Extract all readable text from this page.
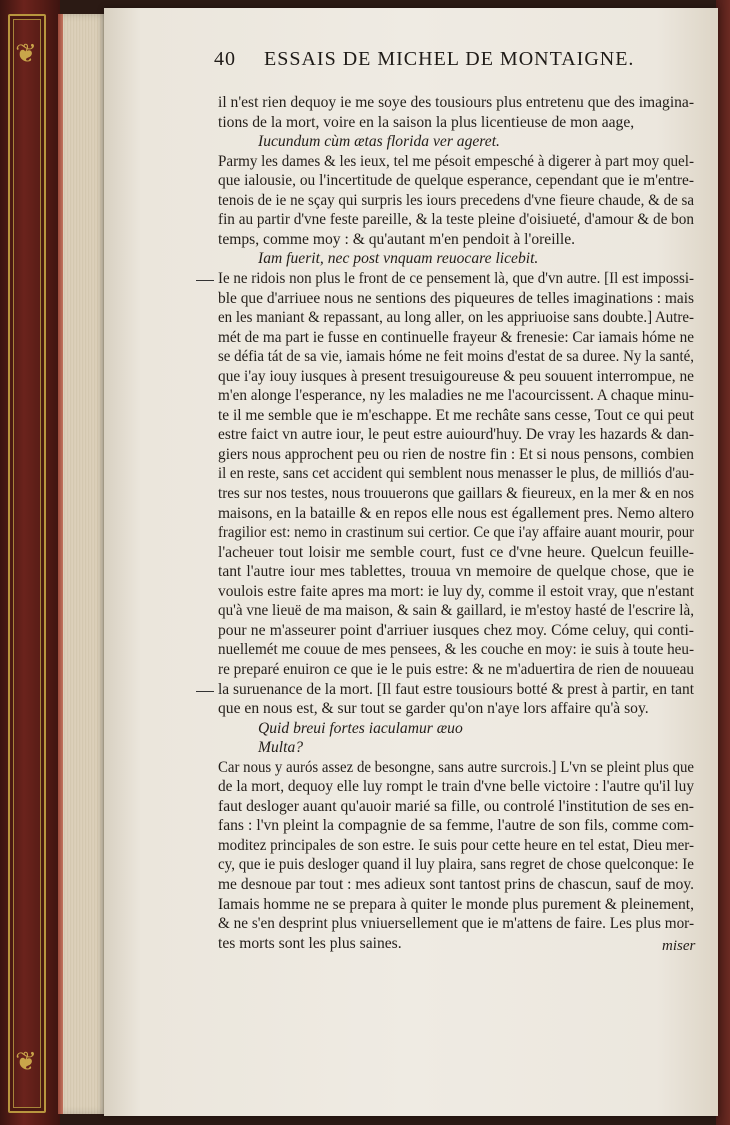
❦
❦
40 ESSAIS DE MICHEL DE MONTAIGNE.
il n'est rien dequoy ie me soye des tousiours plus entretenu que des imagina-
tions de la mort, voire en la saison la plus licentieuse de mon aage,
Iucundum cùm ætas florida ver ageret.
Parmy les dames & les ieux, tel me pésoit empesché à digerer à part moy quel-
que ialousie, ou l'incertitude de quelque esperance, cependant que ie m'entre-
tenois de ie ne sçay qui surpris les iours precedens d'vne fieure chaude, & de sa
fin au partir d'vne feste pareille, & la teste pleine d'oisiueté, d'amour & de bon
temps, comme moy : & qu'autant m'en pendoit à l'oreille.
Iam fuerit, nec post vnquam reuocare licebit.
Ie ne ridois non plus le front de ce pensement là, que d'vn autre. [Il est impossi-
ble que d'arriuee nous ne sentions des piqueures de telles imaginations : mais
en les maniant & repassant, au long aller, on les appriuoise sans doubte.] Autre-
mét de ma part ie fusse en continuelle frayeur & frenesie: Car iamais hóme ne
se défia tát de sa vie, iamais hóme ne feit moins d'estat de sa duree. Ny la santé,
que i'ay iouy iusques à present tresuigoureuse & peu souuent interrompue, ne
m'en alonge l'esperance, ny les maladies ne me l'acourcissent. A chaque minu-
te il me semble que ie m'eschappe. Et me rechâte sans cesse, Tout ce qui peut
estre faict vn autre iour, le peut estre auiourd'huy. De vray les hazards & dan-
giers nous approchent peu ou rien de nostre fin : Et si nous pensons, combien
il en reste, sans cet accident qui semblent nous menasser le plus, de milliós d'au-
tres sur nos testes, nous trouuerons que gaillars & fieureux, en la mer & en nos
maisons, en la bataille & en repos elle nous est égallement pres. Nemo altero
fragilior est: nemo in crastinum sui certior. Ce que i'ay affaire auant mourir, pour
l'acheuer tout loisir me semble court, fust ce d'vne heure. Quelcun feuille-
tant l'autre iour mes tablettes, trouua vn memoire de quelque chose, que ie
voulois estre faite apres ma mort: ie luy dy, comme il estoit vray, que n'estant
qu'à vne lieuë de ma maison, & sain & gaillard, ie m'estoy hasté de l'escrire là,
pour ne m'asseurer point d'arriuer iusques chez moy. Cóme celuy, qui conti-
nuellemét me couue de mes pensees, & les couche en moy: ie suis à toute heu-
re preparé enuiron ce que ie le puis estre: & ne m'aduertira de rien de nouueau
la suruenance de la mort. [Il faut estre tousiours botté & prest à partir, en tant
que en nous est, & sur tout se garder qu'on n'aye lors affaire qu'à soy.
Quid breui fortes iaculamur æuo
Multa?
Car nous y aurós assez de besongne, sans autre surcrois.] L'vn se pleint plus que
de la mort, dequoy elle luy rompt le train d'vne belle victoire : l'autre qu'il luy
faut desloger auant qu'auoir marié sa fille, ou controlé l'institution de ses en-
fans : l'vn pleint la compagnie de sa femme, l'autre de son fils, comme com-
moditez principales de son estre. Ie suis pour cette heure en tel estat, Dieu mer-
cy, que ie puis desloger quand il luy plaira, sans regret de chose quelconque: Ie
me desnoue par tout : mes adieux sont tantost prins de chascun, sauf de moy.
Iamais homme ne se prepara à quiter le monde plus purement & pleinement,
& ne s'en desprint plus vniuersellement que ie m'attens de faire. Les plus mor-
tes morts sont les plus saines.	miser
